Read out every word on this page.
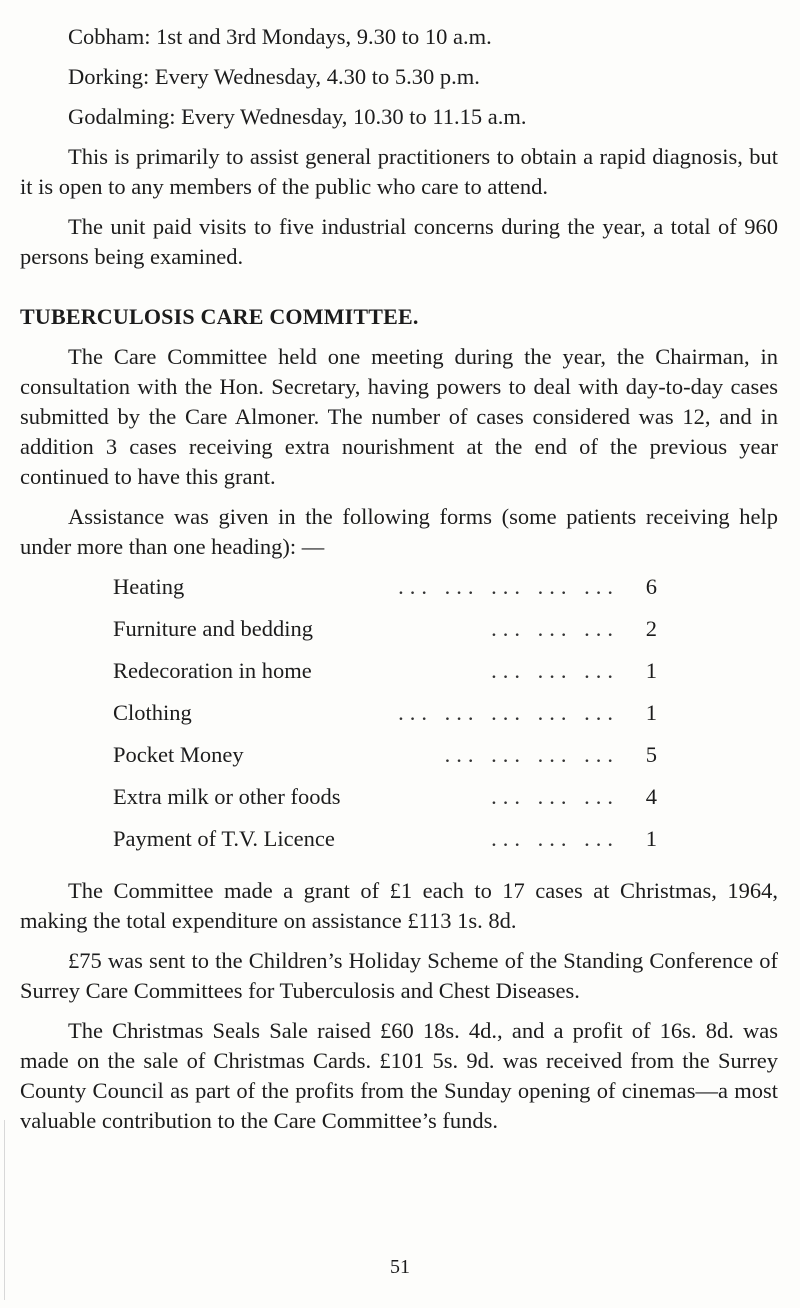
Cobham: 1st and 3rd Mondays, 9.30 to 10 a.m.

Dorking: Every Wednesday, 4.30 to 5.30 p.m.

Godalming: Every Wednesday, 10.30 to 11.15 a.m.

This is primarily to assist general practitioners to obtain a rapid diagnosis, but it is open to any members of the public who care to attend.

The unit paid visits to five industrial concerns during the year, a total of 960 persons being examined.

TUBERCULOSIS CARE COMMITTEE.

The Care Committee held one meeting during the year, the Chairman, in consultation with the Hon. Secretary, having powers to deal with day-to-day cases submitted by the Care Almoner. The number of cases considered was 12, and in addition 3 cases receiving extra nourishment at the end of the previous year continued to have this grant.

Assistance was given in the following forms (some patients receiving help under more than one heading): —

Heating	... ... ... ... ...	6
Furniture and bedding	... ... ...	2
Redecoration in home	... ... ...	1
Clothing	... ... ... ... ...	1
Pocket Money	... ... ... ...	5
Extra milk or other foods	... ... ...	4
Payment of T.V. Licence	... ... ...	1

The Committee made a grant of £1 each to 17 cases at Christmas, 1964, making the total expenditure on assistance £113 1s. 8d.

£75 was sent to the Children’s Holiday Scheme of the Standing Conference of Surrey Care Committees for Tuberculosis and Chest Diseases.

The Christmas Seals Sale raised £60 18s. 4d., and a profit of 16s. 8d. was made on the sale of Christmas Cards. £101 5s. 9d. was received from the Surrey County Council as part of the profits from the Sunday opening of cinemas—a most valuable contribution to the Care Committee’s funds.

51
